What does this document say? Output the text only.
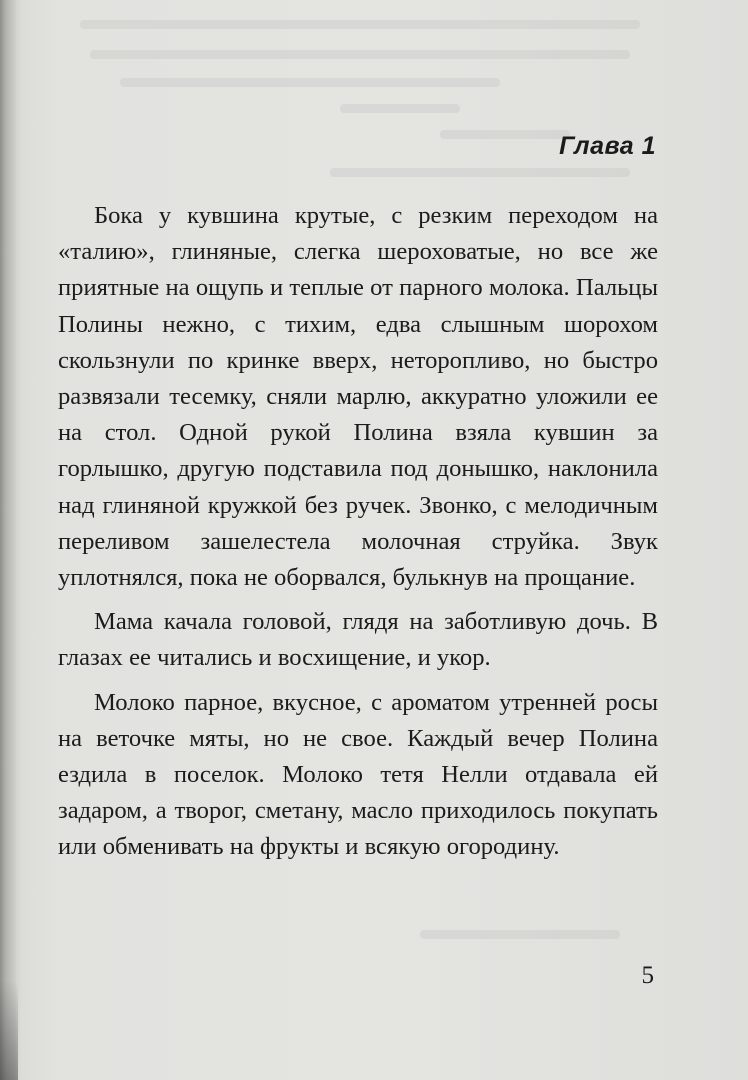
Глава 1

Бока у кувшина крутые, с резким переходом на «талию», глиняные, слегка шероховатые, но все же приятные на ощупь и теплые от парного молока. Пальцы Полины нежно, с тихим, едва слышным шорохом скользнули по кринке вверх, неторопливо, но быстро развязали тесемку, сняли марлю, аккуратно уложили ее на стол. Одной рукой Полина взяла кувшин за горлышко, другую подставила под донышко, наклонила над глиняной кружкой без ручек. Звонко, с мелодичным переливом зашелестела молочная струйка. Звук уплотнялся, пока не оборвался, булькнув на прощание.

Мама качала головой, глядя на заботливую дочь. В глазах ее читались и восхищение, и укор.

Молоко парное, вкусное, с ароматом утренней росы на веточке мяты, но не свое. Каждый вечер Полина ездила в поселок. Молоко тетя Нелли отдавала ей задаром, а творог, сметану, масло приходилось покупать или обменивать на фрукты и всякую огородину.

5
